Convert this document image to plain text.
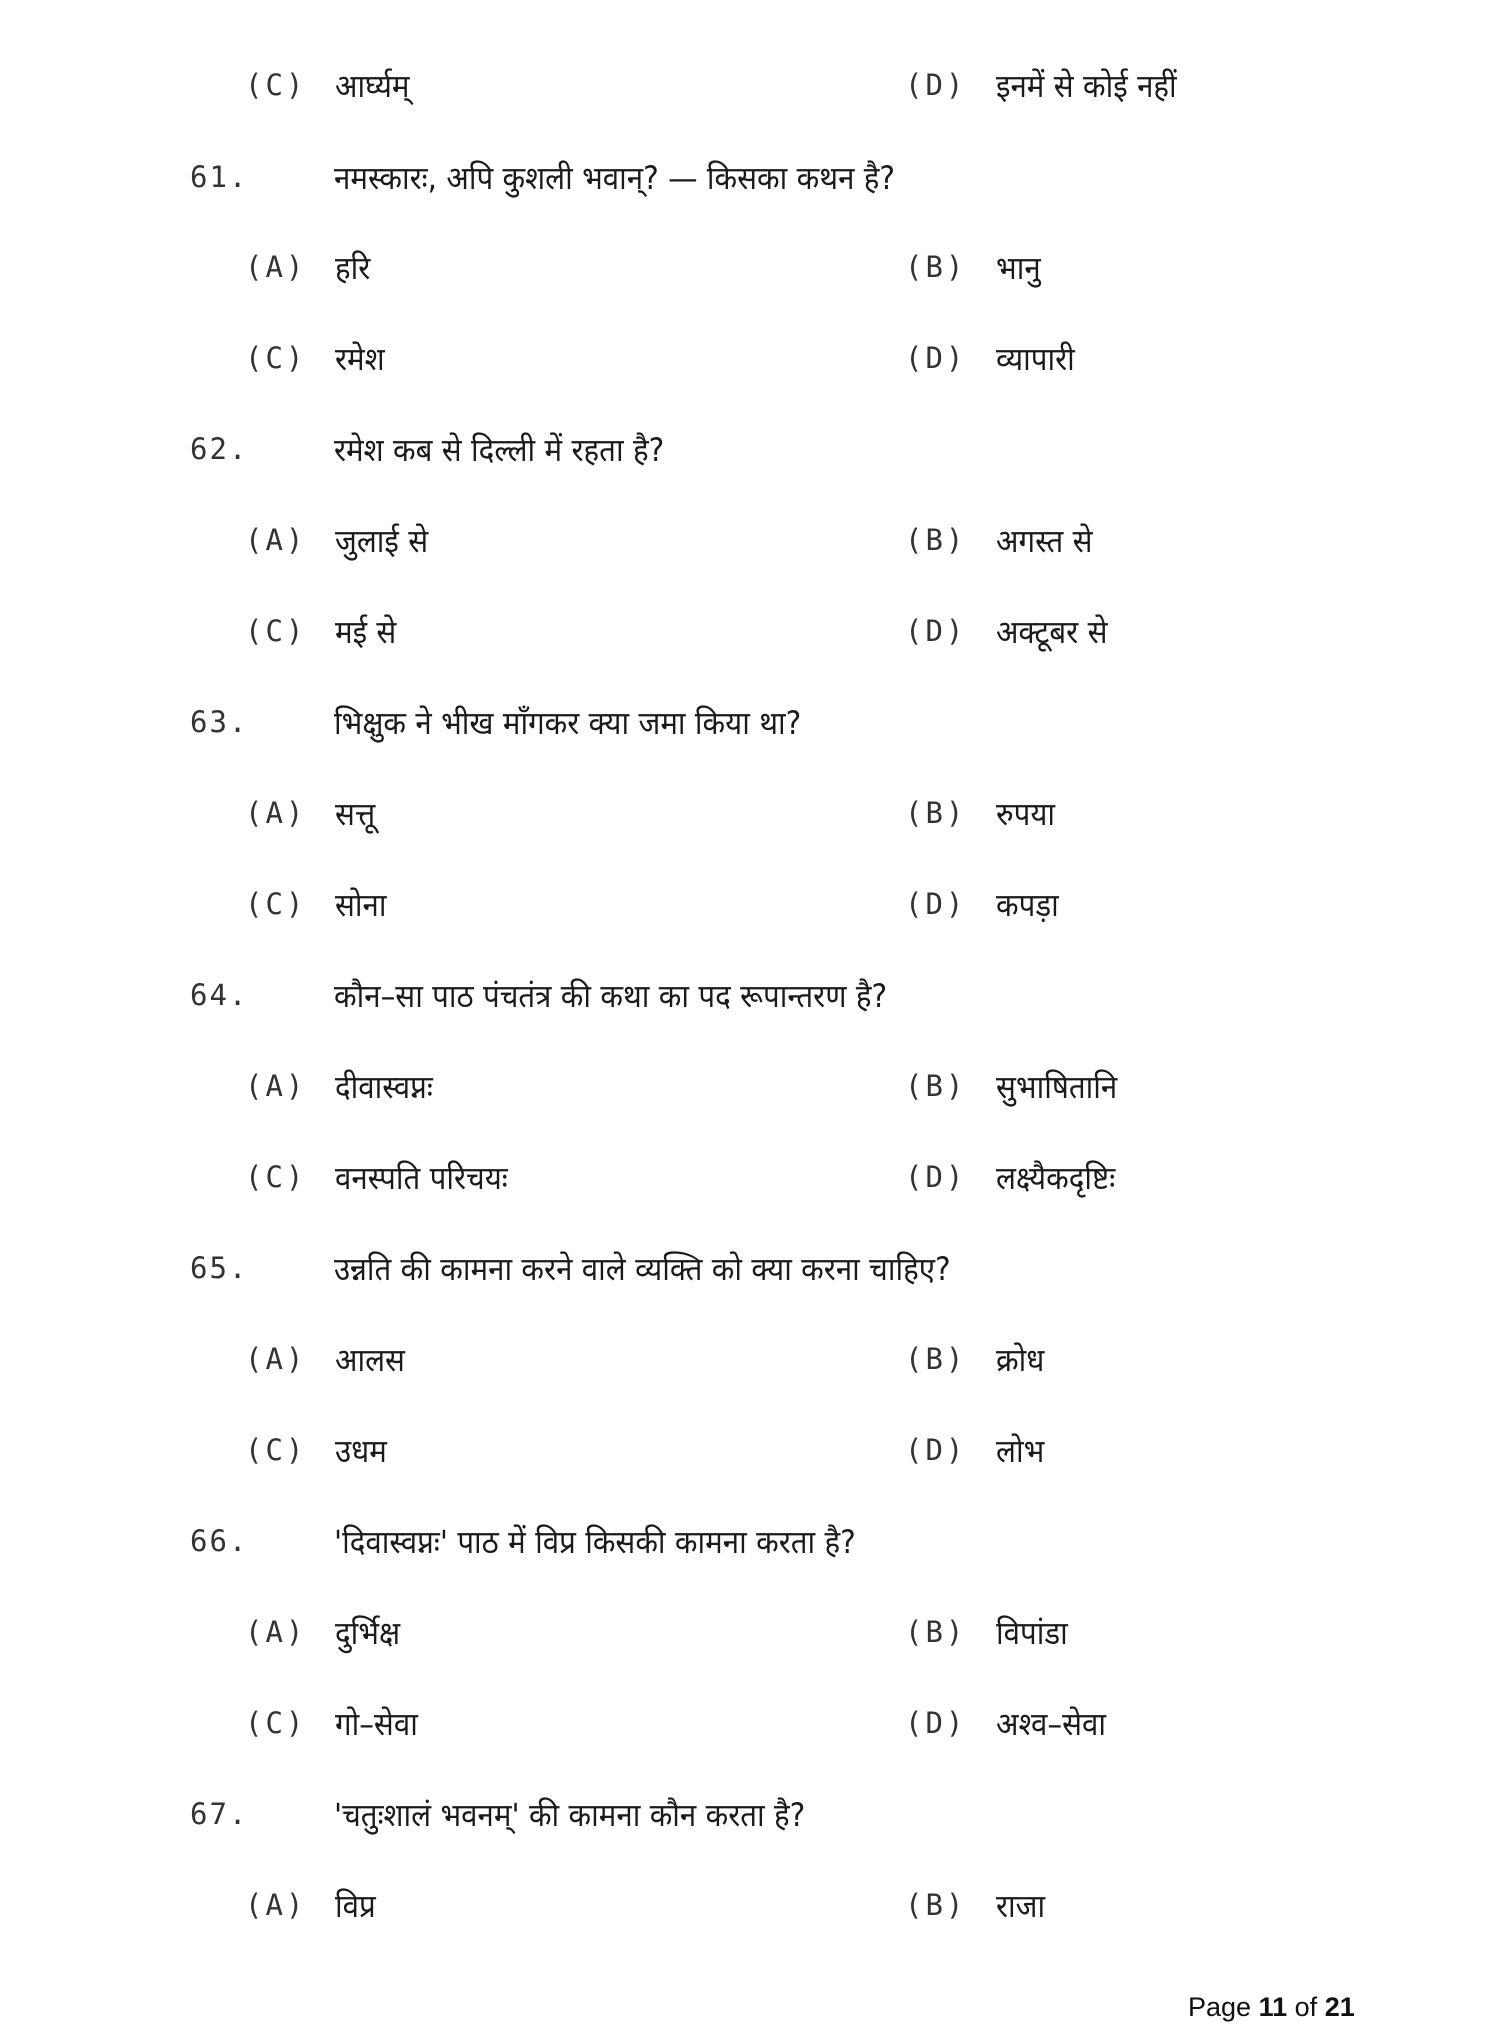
(C) आर्घ्यम्	(D) इनमें से कोई नहीं
61.	नमस्कारः, अपि कुशली भवान्? — किसका कथन है?
(A) हरि	(B) भानु
(C) रमेश	(D) व्यापारी
62.	रमेश कब से दिल्ली में रहता है?
(A) जुलाई से	(B) अगस्त से
(C) मई से	(D) अक्टूबर से
63.	भिक्षुक ने भीख माँगकर क्या जमा किया था?
(A) सत्तू	(B) रुपया
(C) सोना	(D) कपड़ा
64.	कौन–सा पाठ पंचतंत्र की कथा का पद रूपान्तरण है?
(A) दीवास्वप्नः	(B) सुभाषितानि
(C) वनस्पति परिचयः	(D) लक्ष्यैकदृष्टिः
65.	उन्नति की कामना करने वाले व्यक्ति को क्या करना चाहिए?
(A) आलस	(B) क्रोध
(C) उधम	(D) लोभ
66.	'दिवास्वप्नः' पाठ में विप्र किसकी कामना करता है?
(A) दुर्भिक्ष	(B) विपांडा
(C) गो–सेवा	(D) अश्व–सेवा
67.	'चतुःशालं भवनम्' की कामना कौन करता है?
(A) विप्र	(B) राजा
Page 11 of 21
